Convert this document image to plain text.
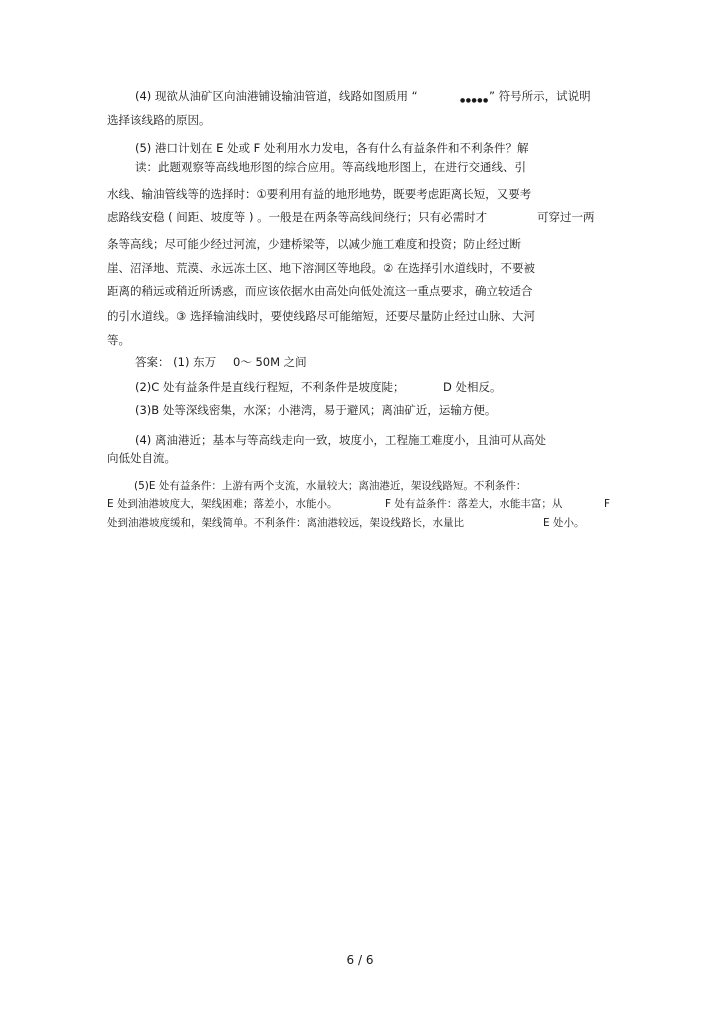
(4) 现欲从油矿区向油港铺设输油管道，线路如图质用 “	●●●●● ” 符号所示，试说明
选择该线路的原因。
(5) 港口计划在 E 处或 F 处利用水力发电，各有什么有益条件和不利条件？解
读：此题观察等高线地形图的综合应用。等高线地形图上，在进行交通线、引
水线、输油管线等的选择时：①要利用有益的地形地势，既要考虑距离长短，又要考
虑路线安稳 ( 间距、坡度等 ) 。一般是在两条等高线间绕行；只有必需时才	可穿过一两
条等高线；尽可能少经过河流，少建桥梁等，以减少施工难度和投资；防止经过断
崖、沼泽地、荒漠、永远冻土区、地下溶洞区等地段。② 在选择引水道线时，不要被
距离的稍远或稍近所诱惑，而应该依据水由高处向低处流这一重点要求，确立较适合
的引水道线。③ 选择输油线时，要使线路尽可能缩短，还要尽量防止经过山脉、大河
等。
答案： (1) 东万 0～ 50M 之间
(2)C 处有益条件是直线行程短，不利条件是坡度陡；	D 处相反。
(3)B 处等深线密集，水深；小港湾，易于避风；离油矿近，运输方便。
(4) 离油港近；基本与等高线走向一致，坡度小，工程施工难度小，且油可从高处
向低处自流。
(5)E 处有益条件：上游有两个支流，水量较大；离油港近，架设线路短。不利条件：
E 处到油港坡度大，架线困难；落差小，水能小。	F 处有益条件：落差大，水能丰富；从	F
处到油港坡度缓和，架线简单。不利条件：离油港较远，架设线路长，水量比	E 处小。
6 / 6
